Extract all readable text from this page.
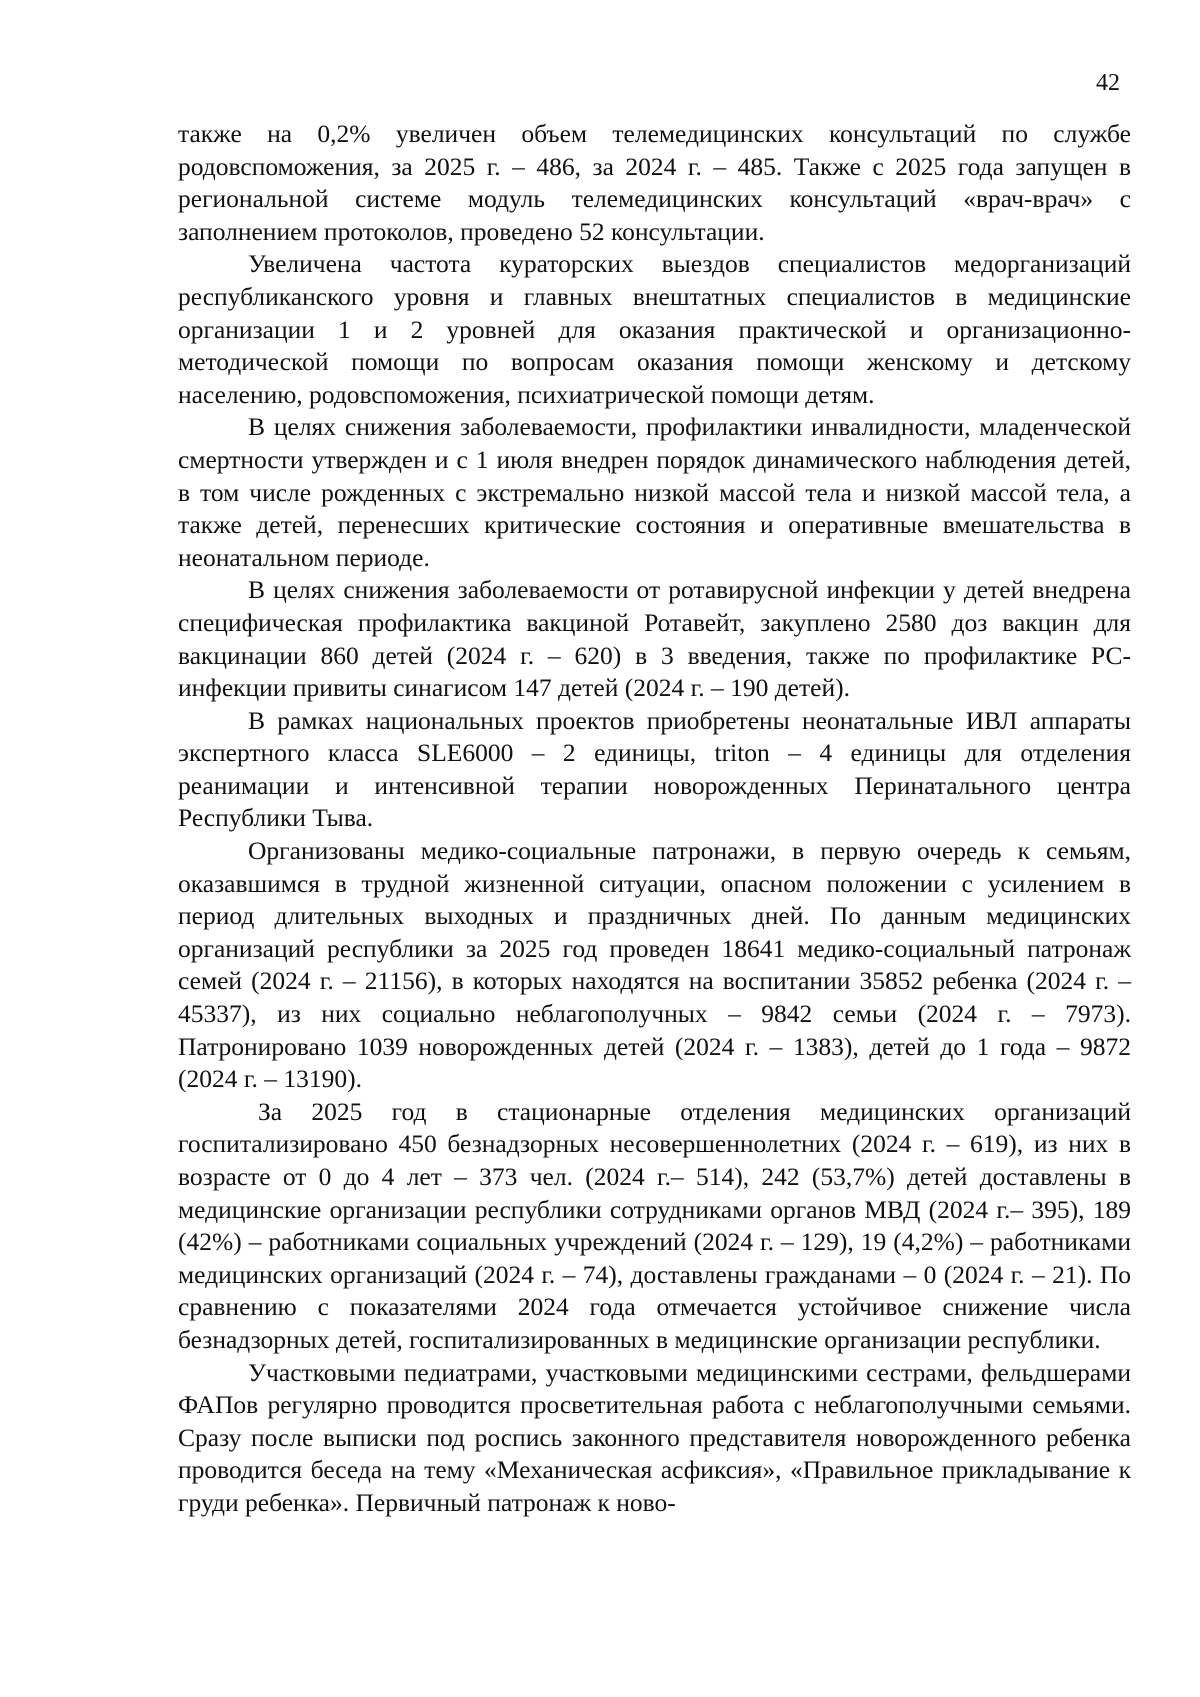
42

также на 0,2% увеличен объем телемедицинских консультаций по службе родовспоможения, за 2025 г. – 486, за 2024 г. – 485. Также с 2025 года запущен в региональной системе модуль телемедицинских консультаций «врач-врач» с заполнением протоколов, проведено 52 консультации.

Увеличена частота кураторских выездов специалистов медорганизаций республиканского уровня и главных внештатных специалистов в медицинские организации 1 и 2 уровней для оказания практической и организационно-методической помощи по вопросам оказания помощи женскому и детскому населению, родовспоможения, психиатрической помощи детям.

В целях снижения заболеваемости, профилактики инвалидности, младенческой смертности утвержден и с 1 июля внедрен порядок динамического наблюдения детей, в том числе рожденных с экстремально низкой массой тела и низкой массой тела, а также детей, перенесших критические состояния и оперативные вмешательства в неонатальном периоде.

В целях снижения заболеваемости от ротавирусной инфекции у детей внедрена специфическая профилактика вакциной Ротавейт, закуплено 2580 доз вакцин для вакцинации 860 детей (2024 г. – 620) в 3 введения, также по профилактике РС-инфекции привиты синагисом 147 детей (2024 г. – 190 детей).

В рамках национальных проектов приобретены неонатальные ИВЛ аппараты экспертного класса SLE6000 – 2 единицы, triton – 4 единицы для отделения реанимации и интенсивной терапии новорожденных Перинатального центра Республики Тыва.

Организованы медико-социальные патронажи, в первую очередь к семьям, оказавшимся в трудной жизненной ситуации, опасном положении с усилением в период длительных выходных и праздничных дней. По данным медицинских организаций республики за 2025 год проведен 18641 медико-социальный патронаж семей (2024 г. – 21156), в которых находятся на воспитании 35852 ребенка (2024 г. – 45337), из них социально неблагополучных – 9842 семьи (2024 г. – 7973). Патронировано 1039 новорожденных детей (2024 г. – 1383), детей до 1 года – 9872 (2024 г. – 13190).

За 2025 год в стационарные отделения медицинских организаций госпитализировано 450 безнадзорных несовершеннолетних (2024 г. – 619), из них в возрасте от 0 до 4 лет – 373 чел. (2024 г.– 514), 242 (53,7%) детей доставлены в медицинские организации республики сотрудниками органов МВД (2024 г.– 395), 189 (42%) – работниками социальных учреждений (2024 г. – 129), 19 (4,2%) – работниками медицинских организаций (2024 г. – 74), доставлены гражданами – 0 (2024 г. – 21). По сравнению с показателями 2024 года отмечается устойчивое снижение числа безнадзорных детей, госпитализированных в медицинские организации республики.

Участковыми педиатрами, участковыми медицинскими сестрами, фельдшерами ФАПов регулярно проводится просветительная работа с неблагополучными семьями. Сразу после выписки под роспись законного представителя новорожденного ребенка проводится беседа на тему «Механическая асфиксия», «Правильное прикладывание к груди ребенка». Первичный патронаж к ново-
